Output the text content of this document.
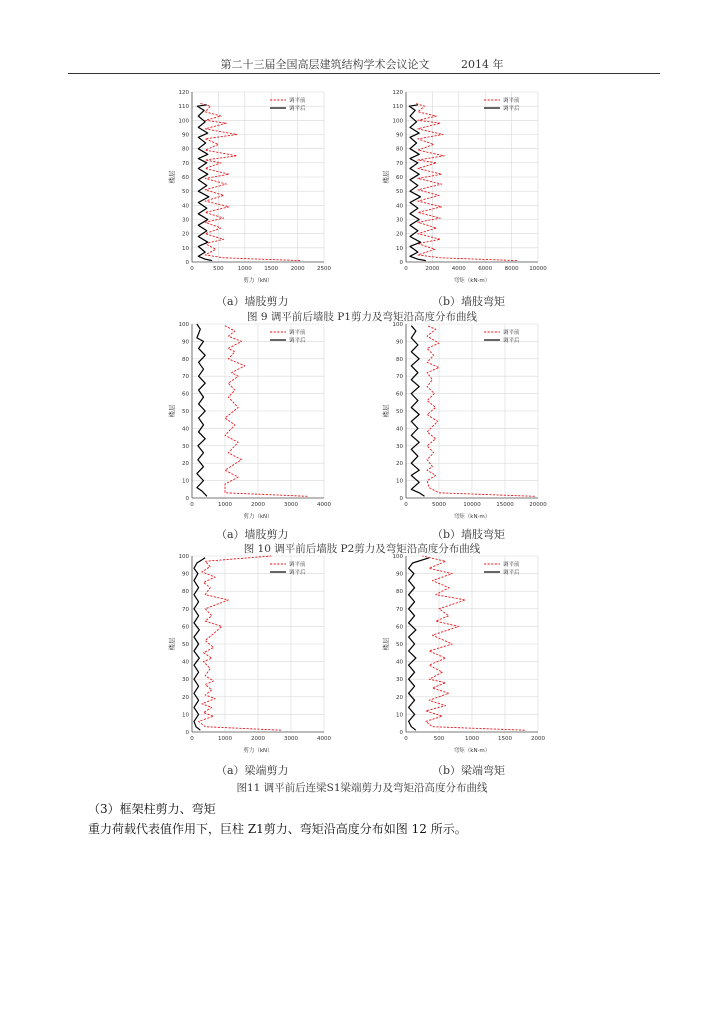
第二十三届全国高层建筑结构学术会议论文	2014 年
0	500	1000 1500 2000 2500
0
10
20
30
40
50
60
70
80
90
100
110
120
剪力（kN）
楼层
调平前
调平后
0	2000 4000 6000 8000 10000
0
10
20
30
40
50
60
70
80
90
100
110
120
弯矩（kN·m）
楼层
调平前
调平后
（a）墙肢剪力	（b）墙肢弯矩
图 9 调平前后墙肢 P1剪力及弯矩沿高度分布曲线
0	1000	2000	3000	4000
0
10
20
30
40
50
60
70
80
90
100
剪力（kN）
楼层
调平前
调平后
0	5000	10000	15000	20000
0
10
20
30
40
50
60
70
80
90
100
弯矩（kN·m）
楼层
调平前
调平后
（a）墙肢剪力	（b）墙肢弯矩
图 10 调平前后墙肢 P2剪力及弯矩沿高度分布曲线
0	1000	2000	3000	4000
0
10
20
30
40
50
60
70
80
90
100
剪力（kN）
楼层
调平前
调平后
0	500	1000	1500	2000
0
10
20
30
40
50
60
70
80
90
100
弯矩（kN·m）
楼层
调平前
调平后
（a）梁端剪力	（b）梁端弯矩
图11 调平前后连梁S1梁端剪力及弯矩沿高度分布曲线
（3）框架柱剪力、弯矩
重力荷载代表值作用下，巨柱 Z1剪力、弯矩沿高度分布如图 12 所示。
